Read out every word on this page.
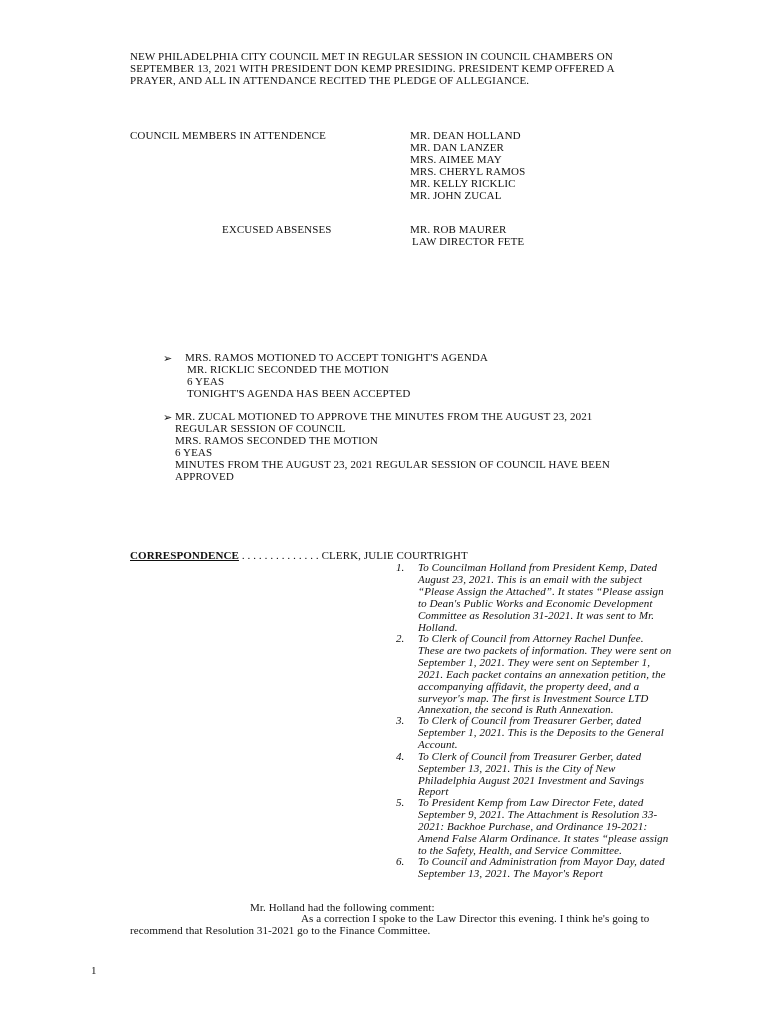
NEW PHILADELPHIA CITY COUNCIL MET IN REGULAR SESSION IN COUNCIL CHAMBERS ON
SEPTEMBER 13, 2021 WITH PRESIDENT DON KEMP PRESIDING. PRESIDENT KEMP OFFERED A
PRAYER, AND ALL IN ATTENDANCE RECITED THE PLEDGE OF ALLEGIANCE.
COUNCIL MEMBERS IN ATTENDENCE	MR. DEAN HOLLAND
MR. DAN LANZER
MRS. AIMEE MAY
MRS. CHERYL RAMOS
MR. KELLY RICKLIC
MR. JOHN ZUCAL
EXCUSED ABSENSES	MR. ROB MAURER
LAW DIRECTOR FETE
➢ MRS. RAMOS MOTIONED TO ACCEPT TONIGHT'S AGENDA
MR. RICKLIC SECONDED THE MOTION
6 YEAS
TONIGHT'S AGENDA HAS BEEN ACCEPTED
➢ MR. ZUCAL MOTIONED TO APPROVE THE MINUTES FROM THE AUGUST 23, 2021
REGULAR SESSION OF COUNCIL
MRS. RAMOS SECONDED THE MOTION
6 YEAS
MINUTES FROM THE AUGUST 23, 2021 REGULAR SESSION OF COUNCIL HAVE BEEN
APPROVED
CORRESPONDENCE . . . . . . . . . . . . . . CLERK, JULIE COURTRIGHT
1. To Councilman Holland from President Kemp, Dated
August 23, 2021. This is an email with the subject
“Please Assign the Attached”. It states “Please assign
to Dean's Public Works and Economic Development
Committee as Resolution 31-2021. It was sent to Mr.
Holland.
2. To Clerk of Council from Attorney Rachel Dunfee.
These are two packets of information. They were sent on
September 1, 2021. They were sent on September 1,
2021. Each packet contains an annexation petition, the
accompanying affidavit, the property deed, and a
surveyor's map. The first is Investment Source LTD
Annexation, the second is Ruth Annexation.
3. To Clerk of Council from Treasurer Gerber, dated
September 1, 2021. This is the Deposits to the General
Account.
4. To Clerk of Council from Treasurer Gerber, dated
September 13, 2021. This is the City of New
Philadelphia August 2021 Investment and Savings
Report
5. To President Kemp from Law Director Fete, dated
September 9, 2021. The Attachment is Resolution 33-
2021: Backhoe Purchase, and Ordinance 19-2021:
Amend False Alarm Ordinance. It states “please assign
to the Safety, Health, and Service Committee.
6. To Council and Administration from Mayor Day, dated
September 13, 2021. The Mayor's Report
Mr. Holland had the following comment:
As a correction I spoke to the Law Director this evening. I think he's going to
recommend that Resolution 31-2021 go to the Finance Committee.
1
